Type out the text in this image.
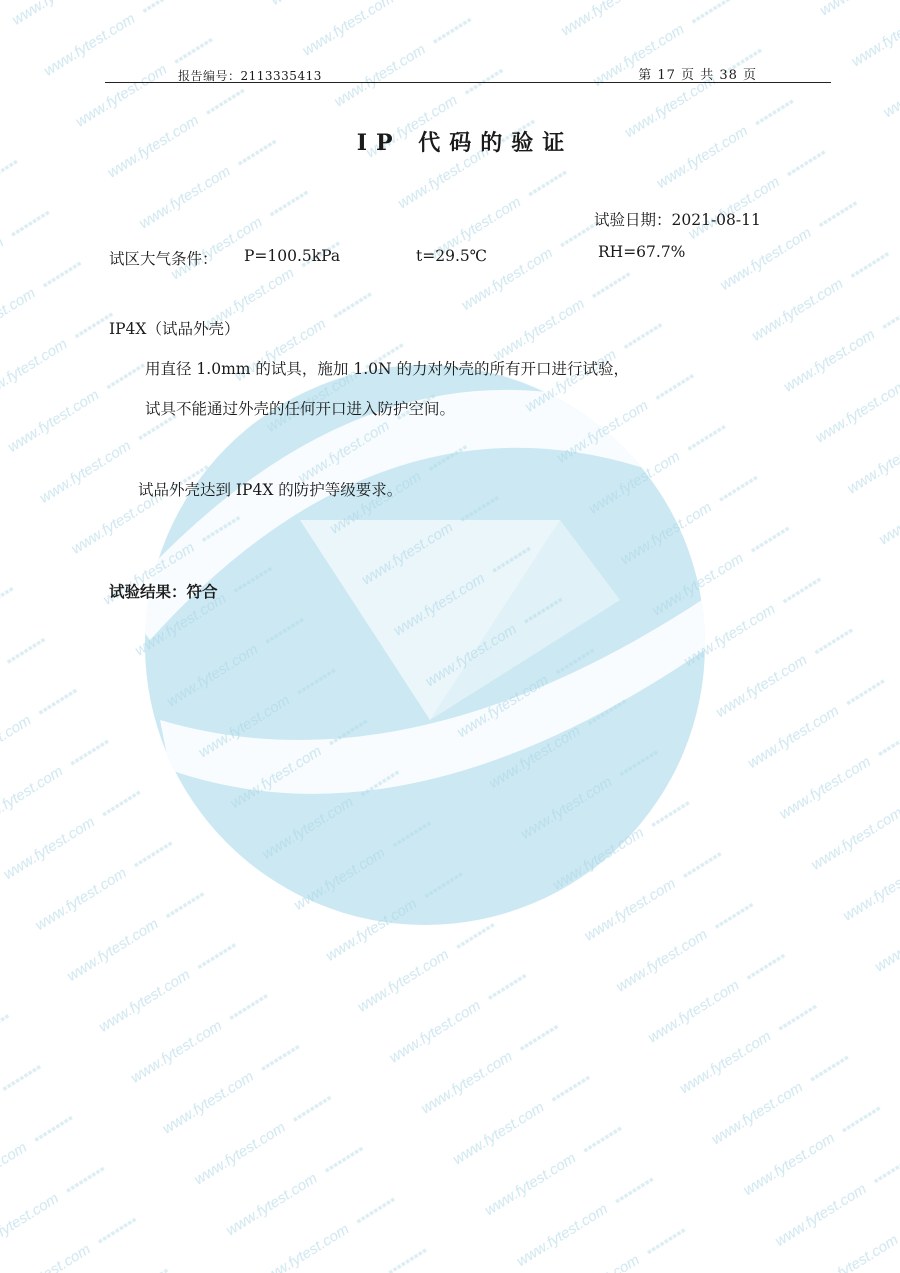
报告编号：2113335413	第 17 页 共 38 页
IP 代码的验证
试验日期：2021-08-11
试区大气条件： P=100.5kPa	t=29.5℃	RH=67.7%
IP4X（试品外壳）
用直径 1.0mm 的试具，施加 1.0N 的力对外壳的所有开口进行试验，
试具不能通过外壳的任何开口进入防护空间。
试品外壳达到 IP4X 的防护等级要求。
试验结果：符合
